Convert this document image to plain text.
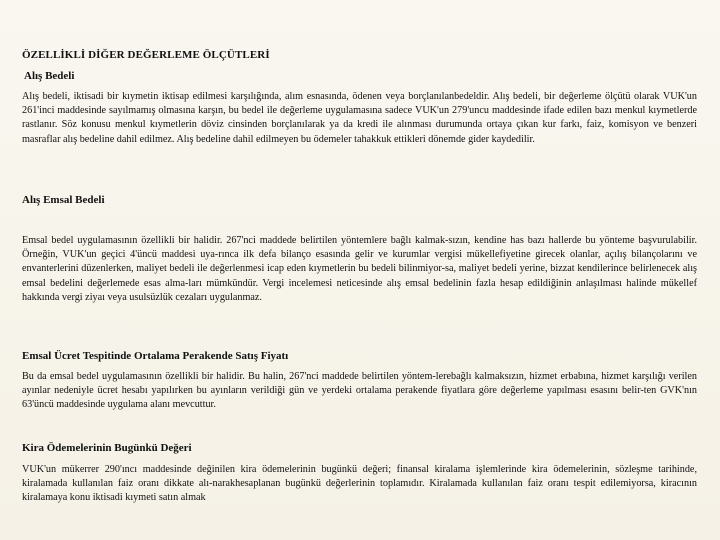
ÖZELLİKLİ DİĞER DEĞERLEME ÖLÇÜTLERİ
Alış Bedeli
Alış bedeli, iktisadi bir kıymetin iktisap edilmesi karşılığında, alım esnasında, ödenen veya borçlanılanbedeldir. Alış bedeli, bir değerleme ölçütü olarak VUK'un 261'inci maddesinde sayılmamış olmasına karşın, bu bedel ile değerleme uygulamasına sadece VUK'un 279'uncu maddesinde ifade edilen bazı menkul kıymetlerde rastlanır. Söz konusu menkul kıymetlerin döviz cinsinden borçlanılarak ya da kredi ile alınması durumunda ortaya çıkan kur farkı, faiz, komisyon ve benzeri masraflar alış bedeline dahil edilmez. Alış bedeline dahil edilmeyen bu ödemeler tahakkuk ettikleri dönemde gider kaydedilir.
Alış Emsal Bedeli
Emsal bedel uygulamasının özellikli bir halidir. 267'nci maddede belirtilen yöntemlere bağlı kalmak-sızın, kendine has bazı hallerde bu yönteme başvurulabilir. Örneğin, VUK'un geçici 4'üncü maddesi uya-rınca ilk defa bilanço esasında gelir ve kurumlar vergisi mükellefiyetine girecek olanlar, açılış bilançolarını ve envanterlerini düzenlerken, maliyet bedeli ile değerlenmesi icap eden kıymetlerin bu bedeli bilinmiyor-sa, maliyet bedeli yerine, bizzat kendilerince belirlenecek alış emsal bedelini değerlemede esas alma-ları mümkündür. Vergi incelemesi neticesinde alış emsal bedelinin fazla hesap edildiğinin anlaşılması halinde mükellef hakkında vergi ziyaı veya usulsüzlük cezaları uygulanmaz.
Emsal Ücret Tespitinde Ortalama Perakende Satış Fiyatı
Bu da emsal bedel uygulamasının özellikli bir halidir. Bu halin, 267'nci maddede belirtilen yöntem-lerebağlı kalmaksızın, hizmet erbabına, hizmet karşılığı verilen ayınlar nedeniyle ücret hesabı yapılırken bu ayınların verildiği gün ve yerdeki ortalama perakende fiyatlara göre değerleme yapılması esasını belir-ten GVK'nın 63'üncü maddesinde uygulama alanı mevcuttur.
Kira Ödemelerinin Bugünkü Değeri
VUK'un mükerrer 290'ıncı maddesinde değinilen kira ödemelerinin bugünkü değeri; finansal kiralama işlemlerinde kira ödemelerinin, sözleşme tarihinde, kiralamada kullanılan faiz oranı dikkate alı-narakhesaplanan bugünkü değerlerinin toplamıdır. Kiralamada kullanılan faiz oranı tespit edilemiyorsa, kiracının kiralamaya konu iktisadi kıymeti satın almak
